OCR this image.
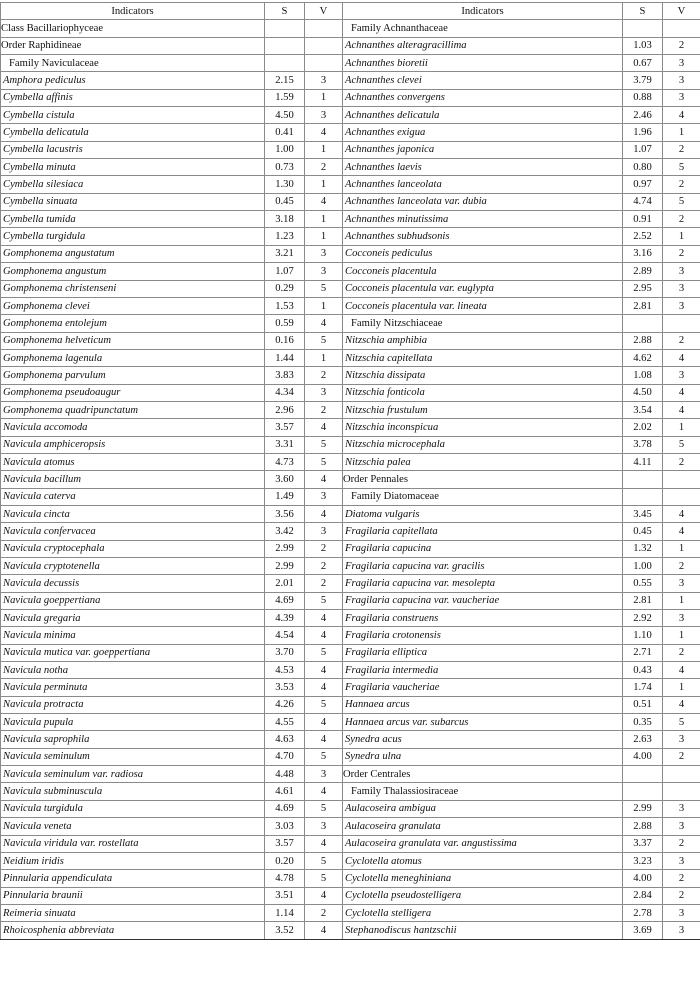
Indicators	S	V	Indicators	S	V
Class Bacillariophyceae			Family Achnanthaceae		
Order Raphidineae			Achnanthes alteragracillima	1.03	2
Family Naviculaceae			Achnanthes bioretii	0.67	3
Amphora pediculus	2.15	3	Achnanthes clevei	3.79	3
Cymbella affinis	1.59	1	Achnanthes convergens	0.88	3
Cymbella cistula	4.50	3	Achnanthes delicatula	2.46	4
Cymbella delicatula	0.41	4	Achnanthes exigua	1.96	1
Cymbella lacustris	1.00	1	Achnanthes japonica	1.07	2
Cymbella minuta	0.73	2	Achnanthes laevis	0.80	5
Cymbella silesiaca	1.30	1	Achnanthes lanceolata	0.97	2
Cymbella sinuata	0.45	4	Achnanthes lanceolata var. dubia	4.74	5
Cymbella tumida	3.18	1	Achnanthes minutissima	0.91	2
Cymbella turgidula	1.23	1	Achnanthes subhudsonis	2.52	1
Gomphonema angustatum	3.21	3	Cocconeis pediculus	3.16	2
Gomphonema angustum	1.07	3	Cocconeis placentula	2.89	3
Gomphonema christenseni	0.29	5	Cocconeis placentula var. euglypta	2.95	3
Gomphonema clevei	1.53	1	Cocconeis placentula var. lineata	2.81	3
Gomphonema entolejum	0.59	4	Family Nitzschiaceae		
Gomphonema helveticum	0.16	5	Nitzschia amphibia	2.88	2
Gomphonema lagenula	1.44	1	Nitzschia capitellata	4.62	4
Gomphonema parvulum	3.83	2	Nitzschia dissipata	1.08	3
Gomphonema pseudoaugur	4.34	3	Nitzschia fonticola	4.50	4
Gomphonema quadripunctatum	2.96	2	Nitzschia frustulum	3.54	4
Navicula accomoda	3.57	4	Nitzschia inconspicua	2.02	1
Navicula amphiceropsis	3.31	5	Nitzschia microcephala	3.78	5
Navicula atomus	4.73	5	Nitzschia palea	4.11	2
Navicula bacillum	3.60	4	Order Pennales		
Navicula caterva	1.49	3	Family Diatomaceae		
Navicula cincta	3.56	4	Diatoma vulgaris	3.45	4
Navicula confervacea	3.42	3	Fragilaria capitellata	0.45	4
Navicula cryptocephala	2.99	2	Fragilaria capucina	1.32	1
Navicula cryptotenella	2.99	2	Fragilaria capucina var. gracilis	1.00	2
Navicula decussis	2.01	2	Fragilaria capucina var. mesolepta	0.55	3
Navicula goeppertiana	4.69	5	Fragilaria capucina var. vaucheriae	2.81	1
Navicula gregaria	4.39	4	Fragilaria construens	2.92	3
Navicula minima	4.54	4	Fragilaria crotonensis	1.10	1
Navicula mutica var. goeppertiana	3.70	5	Fragilaria elliptica	2.71	2
Navicula notha	4.53	4	Fragilaria intermedia	0.43	4
Navicula perminuta	3.53	4	Fragilaria vaucheriae	1.74	1
Navicula protracta	4.26	5	Hannaea arcus	0.51	4
Navicula pupula	4.55	4	Hannaea arcus var. subarcus	0.35	5
Navicula saprophila	4.63	4	Synedra acus	2.63	3
Navicula seminulum	4.70	5	Synedra ulna	4.00	2
Navicula seminulum var. radiosa	4.48	3	Order Centrales		
Navicula subminuscula	4.61	4	Family Thalassiosiraceae		
Navicula turgidula	4.69	5	Aulacoseira ambigua	2.99	3
Navicula veneta	3.03	3	Aulacoseira granulata	2.88	3
Navicula viridula var. rostellata	3.57	4	Aulacoseira granulata var. angustissima	3.37	2
Neidium iridis	0.20	5	Cyclotella atomus	3.23	3
Pinnularia appendiculata	4.78	5	Cyclotella meneghiniana	4.00	2
Pinnularia braunii	3.51	4	Cyclotella pseudostelligera	2.84	2
Reimeria sinuata	1.14	2	Cyclotella stelligera	2.78	3
Rhoicosphenia abbreviata	3.52	4	Stephanodiscus hantzschii	3.69	3
